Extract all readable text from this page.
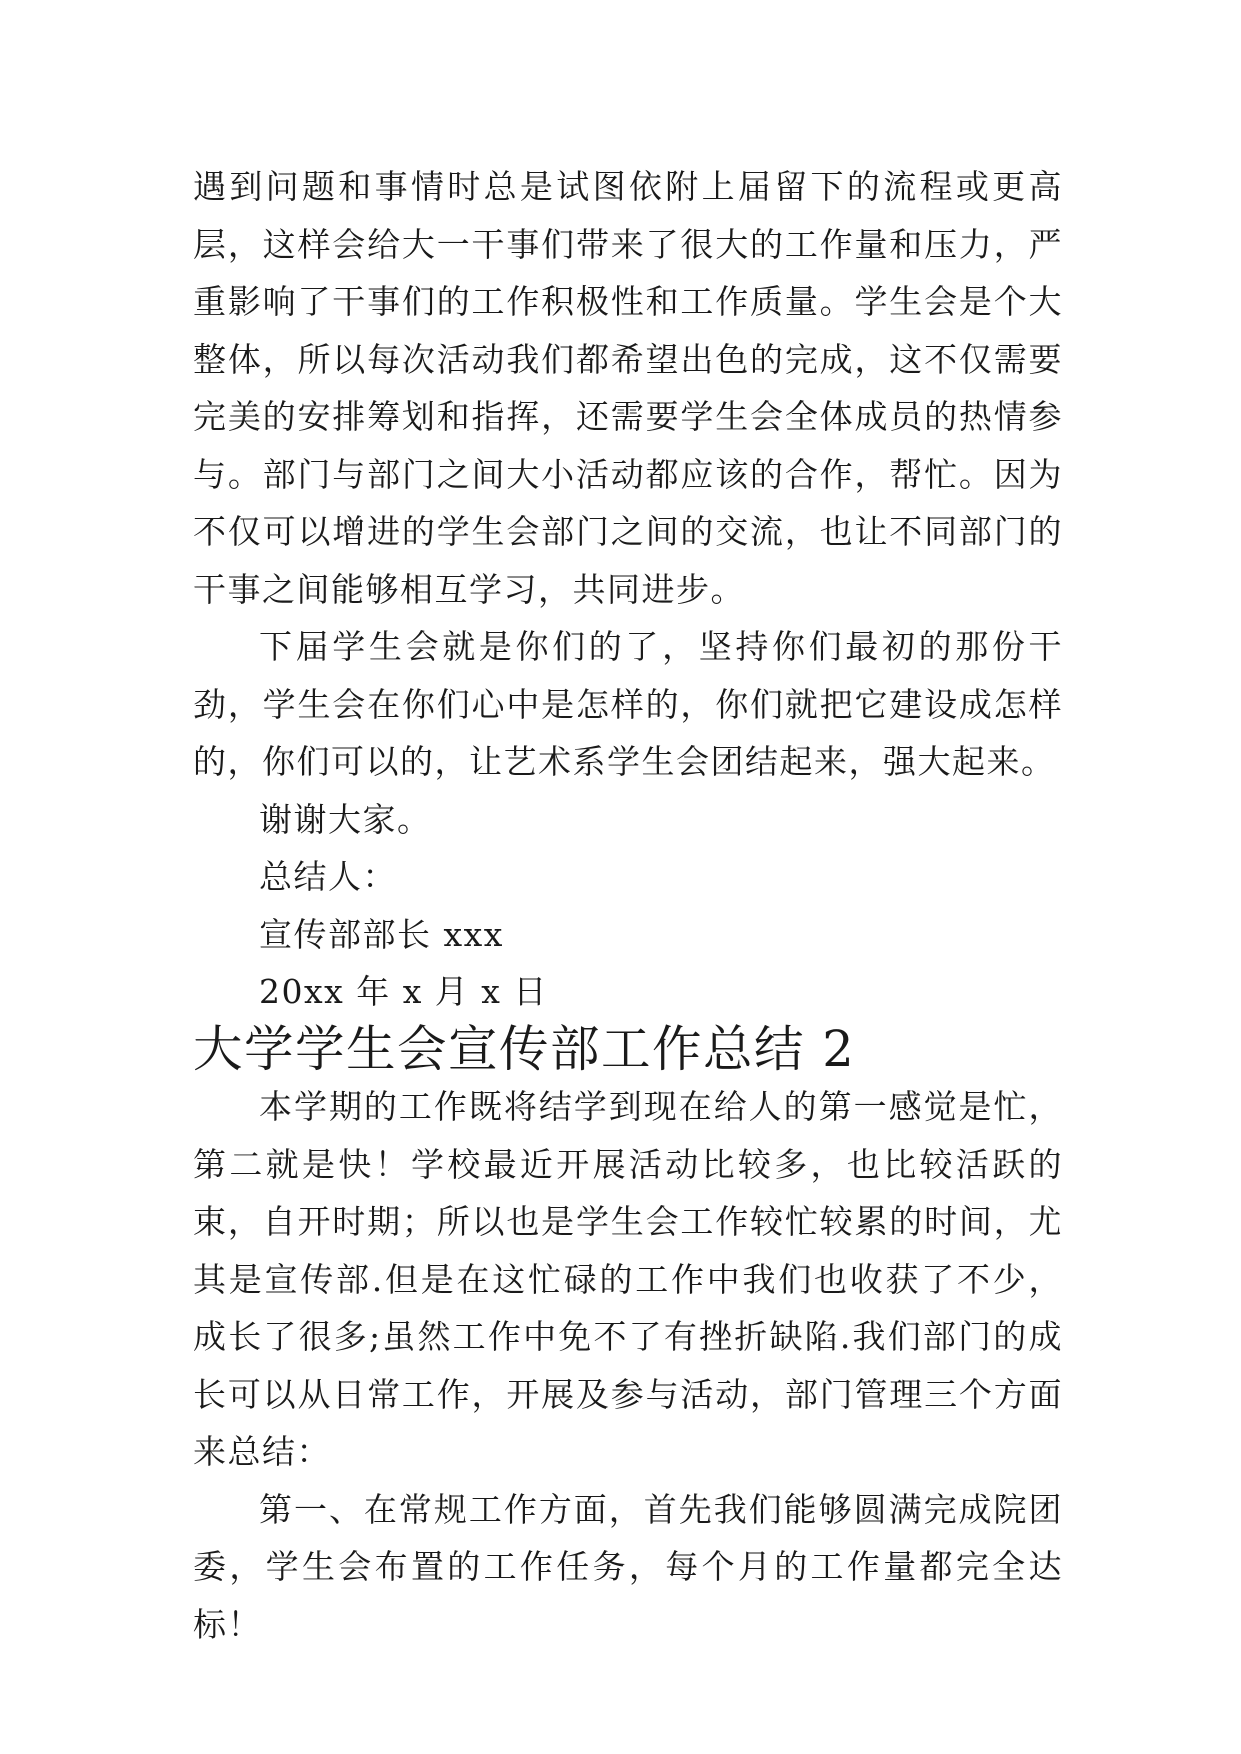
遇到问题和事情时总是试图依附上届留下的流程或更高层，这样会给大一干事们带来了很大的工作量和压力，严重影响了干事们的工作积极性和工作质量。学生会是个大整体，所以每次活动我们都希望出色的完成，这不仅需要完美的安排筹划和指挥，还需要学生会全体成员的热情参与。部门与部门之间大小活动都应该的合作，帮忙。因为不仅可以增进的学生会部门之间的交流，也让不同部门的干事之间能够相互学习，共同进步。

下届学生会就是你们的了，坚持你们最初的那份干劲，学生会在你们心中是怎样的，你们就把它建设成怎样的，你们可以的，让艺术系学生会团结起来，强大起来。

谢谢大家。

总结人：

宣传部部长 xxx

20xx 年 x 月 x 日

大学学生会宣传部工作总结 2

本学期的工作既将结学到现在给人的第一感觉是忙，第二就是快！学校最近开展活动比较多，也比较活跃的束，自开时期；所以也是学生会工作较忙较累的时间，尤其是宣传部.但是在这忙碌的工作中我们也收获了不少，成长了很多;虽然工作中免不了有挫折缺陷.我们部门的成长可以从日常工作，开展及参与活动，部门管理三个方面来总结：

第一、在常规工作方面，首先我们能够圆满完成院团委，学生会布置的工作任务，每个月的工作量都完全达标！
